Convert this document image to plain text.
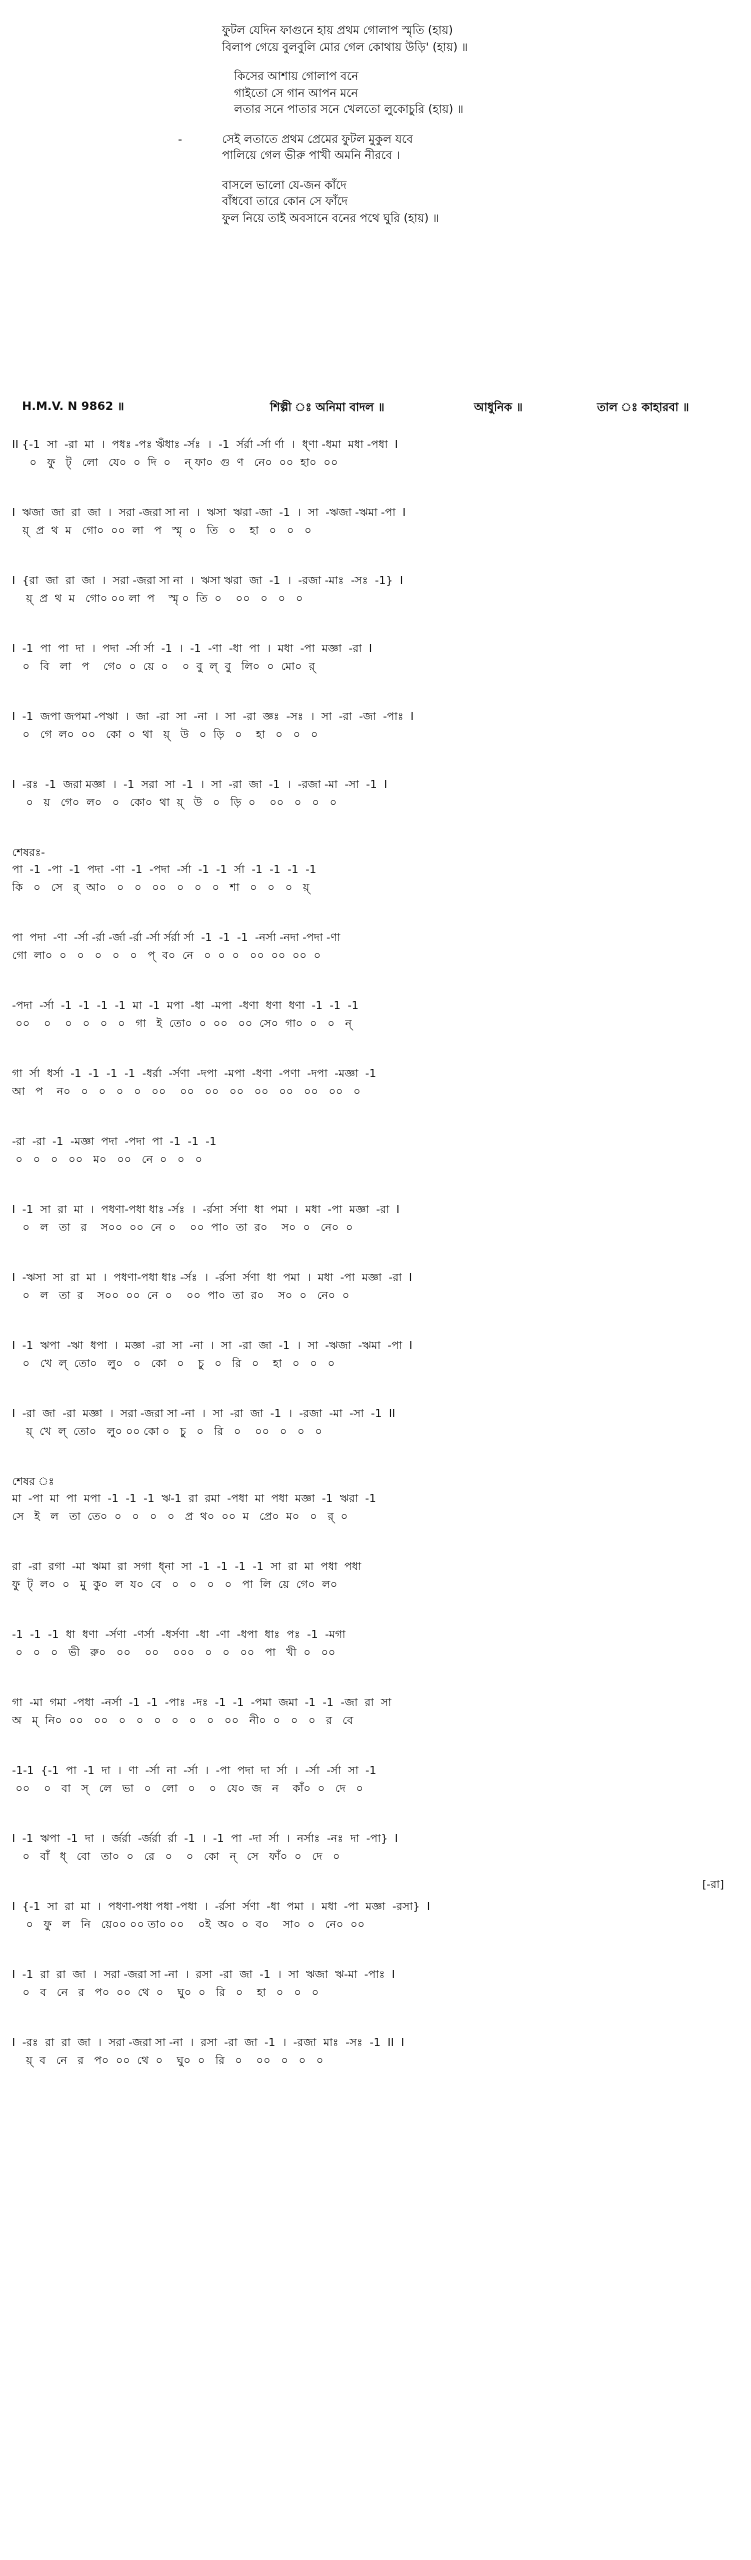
ফুটল যেদিন ফাগুনে হায় প্রথম গোলাপ স্মৃতি (হায়)

বিলাপ গেয়ে বুলবুলি মোর গেল কোথায় উড়ি' (হায়) ॥

কিসের আশায় গোলাপ বনে

গাইতো সে গান আপন মনে

লতার সনে পাতার সনে খেলতো লুকোচুরি (হায়) ॥

- সেই লতাতে প্রথম প্রেমের ফুটল মুকুল যবে

পালিয়ে গেল ভীরু পাখী অমনি নীরবে ।

বাসলে ভালো যে-জন কাঁদে

বাঁধবো তারে কোন সে ফাঁদে

ফুল নিয়ে তাই অবসানে বনের পথে ঘুরি (হায়) ॥

H.M.V. N 9862 ॥	শিল্পী ঃ অনিমা বাদল ॥	আধুনিক ॥	তাল ঃ কাহারবা ॥

II {-1  সা  -রা  মা  ।  পধঃ -পঃ ঋঁধাঃ -র্সঃ  ।  -1  র্সর্রা -র্সা র্ণা  ।  ধ্‌ণা -ধমা  মধা -পধা  I

০   ফু   ট্‌   লো   যে০  ০  দি  ০    ন্‌ ফা০  গু  ণ   নে০  ০০  হা০  ০০

I  ঋজা  জা  রা  জা  ।  সরা -জরা সা না  ।  ঋসা  ঋরা -জা  -1  ।  সা  -ঋজা -ঋমা -পা  I

য়্‌  প্র  থ  ম   গো০  ০০  লা   প   স্মৃ  ০   তি   ০    হা   ০   ০   ০

I  {রা  জা  রা  জা  ।  সরা -জরা সা না  ।  ঋসা ঋরা  জা  -1  ।  -রজা -মাঃ  -সঃ  -1}  I

য়্‌  প্র  থ  ম   গো০ ০০ লা  প    স্মৃ ০  তি  ০    ০০   ০   ০   ০

I  -1  পা  পা  দা  ।  পদা  -র্সা র্সা  -1  ।  -1  -ণা  -ধা  পা  ।  মধা  -পা  মজ্ঞা  -রা  I

০   বি   লা   প    গে০  ০  য়ে  ০    ০  বু  ল্‌  বু   লি০  ০  মো০  র্‌

I  -1  জপা জপমা -পঋা  ।  জা  -রা  সা  -না  ।  সা  -রা  জ্ঞঃ  -সঃ  ।  সা  -রা  -জা  -পাঃ  I

০   গে  ল০  ০০   কো  ০  থা   য়্‌   উ   ০  ড়ি   ০    হা   ০   ০   ০

I  -রঃ  -1  জরা মজ্ঞা  ।  -1  সরা  সা  -1  ।  সা  -রা  জা  -1  ।  -রজা -মা  -সা  -1  I

০   য়   গে০  ল০   ০   কো০  থা  য়্‌   উ   ০   ড়ি  ০    ০০   ০   ০   ০

শেষরঃ-

পা  -1  -পা  -1  পদা  -ণা  -1  -পদা  -র্সা  -1  -1  র্সা  -1  -1  -1  -1

কি   ০   সে   র্‌  আ০   ০   ০   ০০   ০   ০   ০   শা   ০   ০   ০   য়্‌

পা  পদা  -ণা  -র্সা -র্রা -র্জা -র্রা -র্সা র্সর্রা র্সা  -1  -1  -1  -নর্সা -নদা -পদা -ণা

গো  লা০  ০   ০   ০   ০   ০   প্‌  ব০  নে   ০  ০  ০   ০০  ০০  ০০  ০

-পদা  -র্সা  -1  -1  -1  -1  মা  -1  মপা  -ধা  -মপা  -ধণা  ধণা  ধণা  -1  -1  -1

০০    ০    ০   ০   ০   ০   গা   ই  তো০  ০  ০০   ০০  সে০  গা০  ০   ০   ন্‌

গা  র্সা  ধর্সা  -1  -1  -1  -1  -ধর্রা  -র্সণা  -দপা  -মপা  -ধণা  -পণা  -দপা  -মজ্ঞা  -1

আ   প    ন০   ০   ০   ০   ০   ০০    ০০   ০০   ০০   ০০   ০০   ০০   ০০   ০

-রা  -রা  -1  -মজ্ঞা  পদা  -পদা  পা  -1  -1  -1

০   ০   ০   ০০   ম০   ০০   নে  ০   ০   ০

I  -1  সা  রা  মা  ।  পধণা-পধা ধাঃ -র্সঃ  ।  -র্রসা  র্সণা  ধা  পমা  ।  মধা  -পা  মজ্ঞা  -রা  I

০   ল   তা   র    স০০  ০০  নে  ০    ০০  পা০  তা  র০    স০  ০   নে০  ০

I  -ঋসা  সা  রা  মা  ।  পধণা-পধা ধাঃ -র্সঃ  ।  -র্রসা  র্সণা  ধা  পমা  ।  মধা  -পা  মজ্ঞা  -রা  I

০   ল   তা  র    স০০  ০০  নে  ০    ০০  পা০  তা  র০    স০  ০   নে০  ০

I  -1  ঋপা  -ঋা  ধপা  ।  মজ্ঞা  -রা  সা  -না  ।  সা  -রা  জা  -1  ।  সা  -ঋজা  -ঋমা  -পা  I

০   খে  ল্‌  তো০   লু০   ০   কো   ০    চু   ০   রি   ০    হা   ০   ০   ০

I  -রা  জা  -রা  মজ্ঞা  ।  সরা -জরা সা -না  ।  সা  -রা  জা  -1  ।  -রজা  -মা  -সা  -1  II

য়্‌  খে  ল্‌  তো০   লু০ ০০ কো ০   চু   ০   রি   ০    ০০   ০   ০   ০

শেষর ঃ

মা  -পা  মা  পা  মপা  -1  -1  -1  ঋ-1  রা  রমা  -পধা  মা  পধা  মজ্ঞা  -1  ঋরা  -1

সে   ই   ল   তা  তে০  ০   ০   ০   ০   প্র  থ০  ০০  ম   প্রে০  ম০   ০   র্‌  ০

রা  -রা  রগা  -মা  ঋমা  রা  সগা  ধ্‌না  সা  -1  -1  -1  -1  সা  রা  মা  পধা  পধা

ফু  ট্‌  ল০  ০   মু  কু০  ল  য০  বে   ০   ০   ০   ০   পা  লি  য়ে  গে০  ল০

-1  -1  -1  ধা  ধণা  -র্সণা  -ণর্সা  -ধর্সণা  -ধা  -ণা  -ধপা  ধাঃ  পঃ  -1  -মগা

০   ০   ০   ভী   রু০   ০০    ০০    ০০০   ০   ০   ০০   পা   খী  ০   ০০

গা  -মা  গমা  -পধা  -নর্সা  -1  -1  -পাঃ  -দঃ  -1  -1  -পমা  জমা  -1  -1  -জা  রা  সা

অ   ম্‌  নি০  ০০   ০০   ০   ০   ০   ০   ০   ০   ০০   নী০  ০   ০   ০   র   বে

-1-1  {-1  পা  -1  দা  ।  ণা  -র্সা  না  -র্সা  ।  -পা  পদা  দা  র্সা  ।  -র্সা  -র্সা  সা  -1

০০    ০   বা   স্‌   লে   ভা   ০   লো   ০    ০   যে০  জ   ন    কাঁ০  ০   দে   ০

I  -1  ঋপা  -1  দা  ।  র্জর্রা  -র্জর্রা  র্রা  -1  ।  -1  পা  -দা  র্সা  ।  নর্সাঃ  -নঃ  দা  -পা}  I

০   বাঁ   ধ্‌   বো   তা০  ০   রে   ০    ০   কো   ন্‌   সে   ফাঁ০  ০   দে   ০

[-রা]

I  {-1  সা  রা  মা  ।  পধণা-পধা পধা -পধা  ।  -র্রসা  র্সণা  -ধা  পমা  ।  মধা  -পা  মজ্ঞা  -রসা}  I

০   ফু   ল   নি   য়ে০০ ০০ তা০ ০০    ০ই  অ০  ০  ব০    সা০  ০   নে০  ০০

I  -1  রা  রা  জা  ।  সরা -জরা সা -না  ।  রসা  -রা  জা  -1  ।  সা  ঋজা  ঋ-মা  -পাঃ  I

০   ব   নে   র   প০  ০০  থে  ০    ঘু০  ০   রি   ০    হা   ০   ০   ০

I  -রঃ  রা  রা  জা  ।  সরা -জরা সা -না  ।  রসা  -রা  জা  -1  ।  -রজা  মাঃ  -সঃ  -1  II  I

য়্‌  ব   নে   র   প০  ০০  থে  ০    ঘু০  ০   রি   ০    ০০   ০   ০   ০
